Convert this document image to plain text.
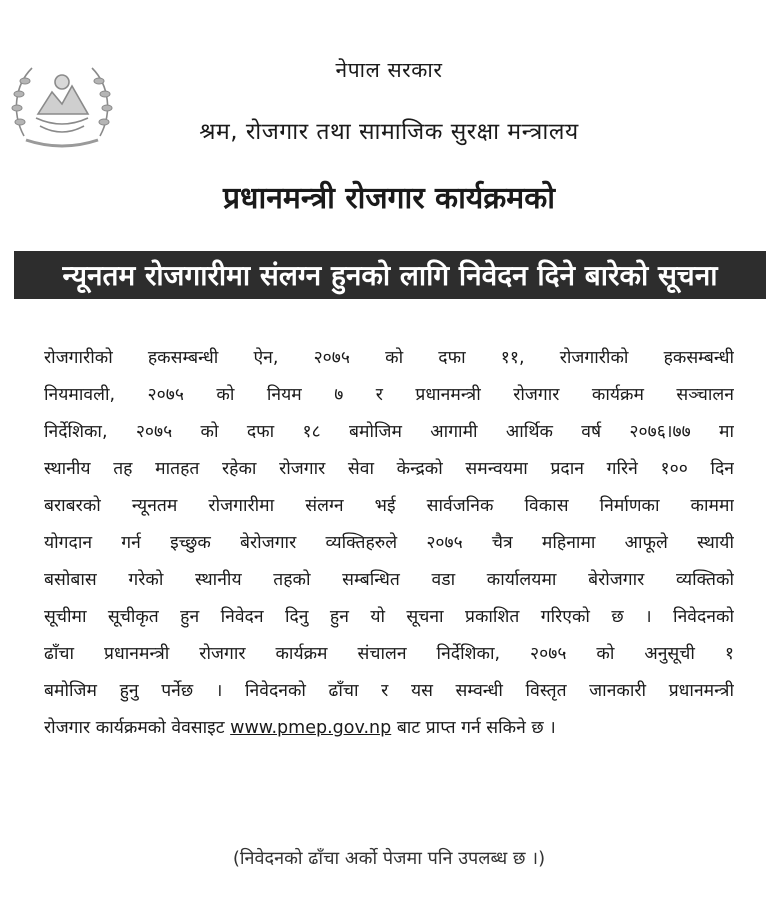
नेपाल सरकार
श्रम, रोजगार तथा सामाजिक सुरक्षा मन्त्रालय
प्रधानमन्त्री रोजगार कार्यक्रमको
न्यूनतम रोजगारीमा संलग्न हुनको लागि निवेदन दिने बारेको सूचना
रोजगारीको हकसम्बन्धी ऐन, २०७५ को दफा ११, रोजगारीको हकसम्बन्धी
नियमावली, २०७५ को नियम ७ र प्रधानमन्त्री रोजगार कार्यक्रम सञ्चालन
निर्देशिका, २०७५ को दफा १८ बमोजिम आगामी आर्थिक वर्ष २०७६।७७ मा
स्थानीय तह मातहत रहेका रोजगार सेवा केन्द्रको समन्वयमा प्रदान गरिने १०० दिन
बराबरको न्यूनतम रोजगारीमा संलग्न भई सार्वजनिक विकास निर्माणका काममा
योगदान गर्न इच्छुक बेरोजगार व्यक्तिहरुले २०७५ चैत्र महिनामा आफूले स्थायी
बसोबास गरेको स्थानीय तहको सम्बन्धित वडा कार्यालयमा बेरोजगार व्यक्तिको
सूचीमा सूचीकृत हुन निवेदन दिनु हुन यो सूचना प्रकाशित गरिएको छ । निवेदनको
ढाँचा प्रधानमन्त्री रोजगार कार्यक्रम संचालन निर्देशिका, २०७५ को अनुसूची १
बमोजिम हुनु पर्नेछ । निवेदनको ढाँचा र यस सम्वन्धी विस्तृत जानकारी प्रधानमन्त्री
रोजगार कार्यक्रमको वेवसाइट www.pmep.gov.np बाट प्राप्त गर्न सकिने छ ।
(निवेदनको ढाँचा अर्को पेजमा पनि उपलब्ध छ ।)
